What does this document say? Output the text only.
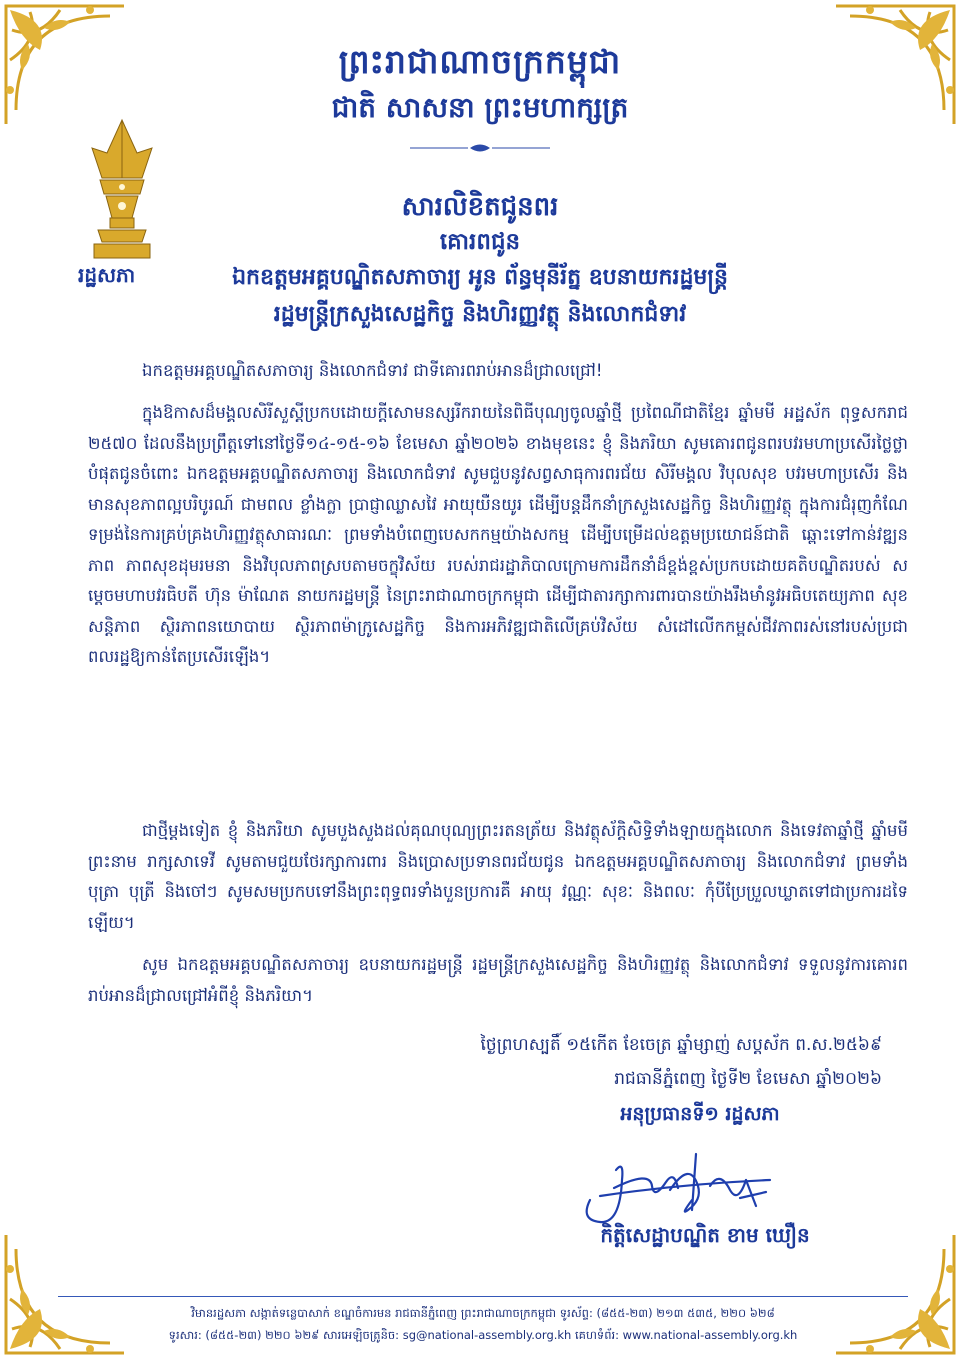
ព្រះរាជាណាចក្រកម្ពុជា
ជាតិ សាសនា ព្រះមហាក្សត្រ
រដ្ឋសភា
សារលិខិតជូនពរ
គោរពជូន
ឯកឧត្តមអគ្គបណ្ឌិតសភាចារ្យ អូន ព័ន្ធមុនីរ័ត្ន ឧបនាយករដ្ឋមន្ត្រី
រដ្ឋមន្ត្រីក្រសួងសេដ្ឋកិច្ច និងហិរញ្ញវត្ថុ និងលោកជំទាវ
ឯកឧត្តមអគ្គបណ្ឌិតសភាចារ្យ និងលោកជំទាវ ជាទីគោរពរាប់អានដ៏ជ្រាលជ្រៅ!
ក្នុងឱកាសដ៏មង្គលសិរីសួស្តីប្រកបដោយក្តីសោមនស្សរីករាយនៃពិធីបុណ្យចូលឆ្នាំថ្មី ប្រពៃណីជាតិខ្មែរ ឆ្នាំមមី អដ្ឋស័ក ពុទ្ធសករាជ ២៥៧០ ដែលនឹងប្រព្រឹត្តទៅនៅថ្ងៃទី១៤-១៥-១៦ ខែមេសា ឆ្នាំ២០២៦ ខាងមុខនេះ ខ្ញុំ និងភរិយា សូមគោរពជូនពរបវរមហាប្រសើរថ្លៃថ្លាបំផុតជូនចំពោះ ឯកឧត្តមអគ្គបណ្ឌិតសភាចារ្យ និងលោកជំទាវ សូមជួបនូវសព្វសាធុការពរជ័យ សិរីមង្គល វិបុលសុខ បវរមហាប្រសើរ និងមានសុខភាពល្អបរិបូរណ៍ ជាមពល ខ្លាំងក្លា ប្រាជ្ញាឈ្លាសវៃ អាយុយឺនយូរ ដើម្បីបន្តដឹកនាំក្រសួងសេដ្ឋកិច្ច និងហិរញ្ញវត្ថុ ក្នុងការជំរុញកំណែទម្រង់នៃការគ្រប់គ្រងហិរញ្ញវត្ថុសាធារណៈ ព្រមទាំងបំពេញបេសកកម្មយ៉ាងសកម្ម ដើម្បីបម្រើដល់ឧត្តមប្រយោជន៍ជាតិ ឆ្ពោះទៅកាន់វឌ្ឍនភាព ភាពសុខដុមរមនា និងវិបុលភាពស្របតាមចក្ខុវិស័យ របស់រាជរដ្ឋាភិបាលក្រោមការដឹកនាំដ៏ខ្ពង់ខ្ពស់ប្រកបដោយគតិបណ្ឌិតរបស់ សម្តេចមហាបវរធិបតី ហ៊ុន ម៉ាណែត នាយករដ្ឋមន្ត្រី នៃព្រះរាជាណាចក្រកម្ពុជា ដើម្បីជាតារក្សាការពារបានយ៉ាងរឹងមាំនូវអធិបតេយ្យភាព សុខសន្តិភាព ស្ថិរភាពនយោបាយ ស្ថិរភាពម៉ាក្រូសេដ្ឋកិច្ច និងការអភិវឌ្ឍជាតិលើគ្រប់វិស័យ សំដៅលើកកម្ពស់ជីវភាពរស់នៅរបស់ប្រជាពលរដ្ឋឱ្យកាន់តែប្រសើរឡើង។
ជាថ្មីម្តងទៀត ខ្ញុំ និងភរិយា សូមបួងសួងដល់គុណបុណ្យព្រះរតនត្រ័យ និងវត្ថុស័ក្តិសិទ្ធិទាំងឡាយក្នុងលោក និងទេវតាឆ្នាំថ្មី ឆ្នាំមមី ព្រះនាម រាក្សសាទេវី សូមតាមជួយថែរក្សាការពារ និងប្រោសប្រទានពរជ័យជូន ឯកឧត្តមអគ្គបណ្ឌិតសភាចារ្យ និងលោកជំទាវ ព្រមទាំង បុត្រា បុត្រី និងចៅៗ សូមសមប្រកបទៅនឹងព្រះពុទ្ធពរទាំងបួនប្រការគឺ អាយុ វណ្ណៈ សុខៈ និងពលៈ កុំបីប្រែប្រួលឃ្លាតទៅជាប្រការដទៃឡើយ។
សូម ឯកឧត្តមអគ្គបណ្ឌិតសភាចារ្យ ឧបនាយករដ្ឋមន្ត្រី រដ្ឋមន្ត្រីក្រសួងសេដ្ឋកិច្ច និងហិរញ្ញវត្ថុ និងលោកជំទាវ ទទួលនូវការគោរពរាប់អានដ៏ជ្រាលជ្រៅអំពីខ្ញុំ និងភរិយា។
ថ្ងៃព្រហស្បតិ៍ ១៥កើត ខែចេត្រ ឆ្នាំម្សាញ់ សប្តស័ក ព.ស.២៥៦៩
រាជធានីភ្នំពេញ ថ្ងៃទី២ ខែមេសា ឆ្នាំ២០២៦
អនុប្រធានទី១ រដ្ឋសភា
កិត្តិសេដ្ឋាបណ្ឌិត ខាម ឃឿន
វិមានរដ្ឋសភា សង្កាត់ទន្លេបាសាក់ ខណ្ឌចំការមន រាជធានីភ្នំពេញ ព្រះរាជាណាចក្រកម្ពុជា ទូរស័ព្ទ: (៨៥៥-២៣) ២១៣ ៥៣៥, ២២០ ៦២៨
ទូរសារ: (៨៥៥-២៣) ២២០ ៦២៩ សារអេឡិចត្រូនិច: sg@national-assembly.org.kh គេហទំព័រ: www.national-assembly.org.kh
